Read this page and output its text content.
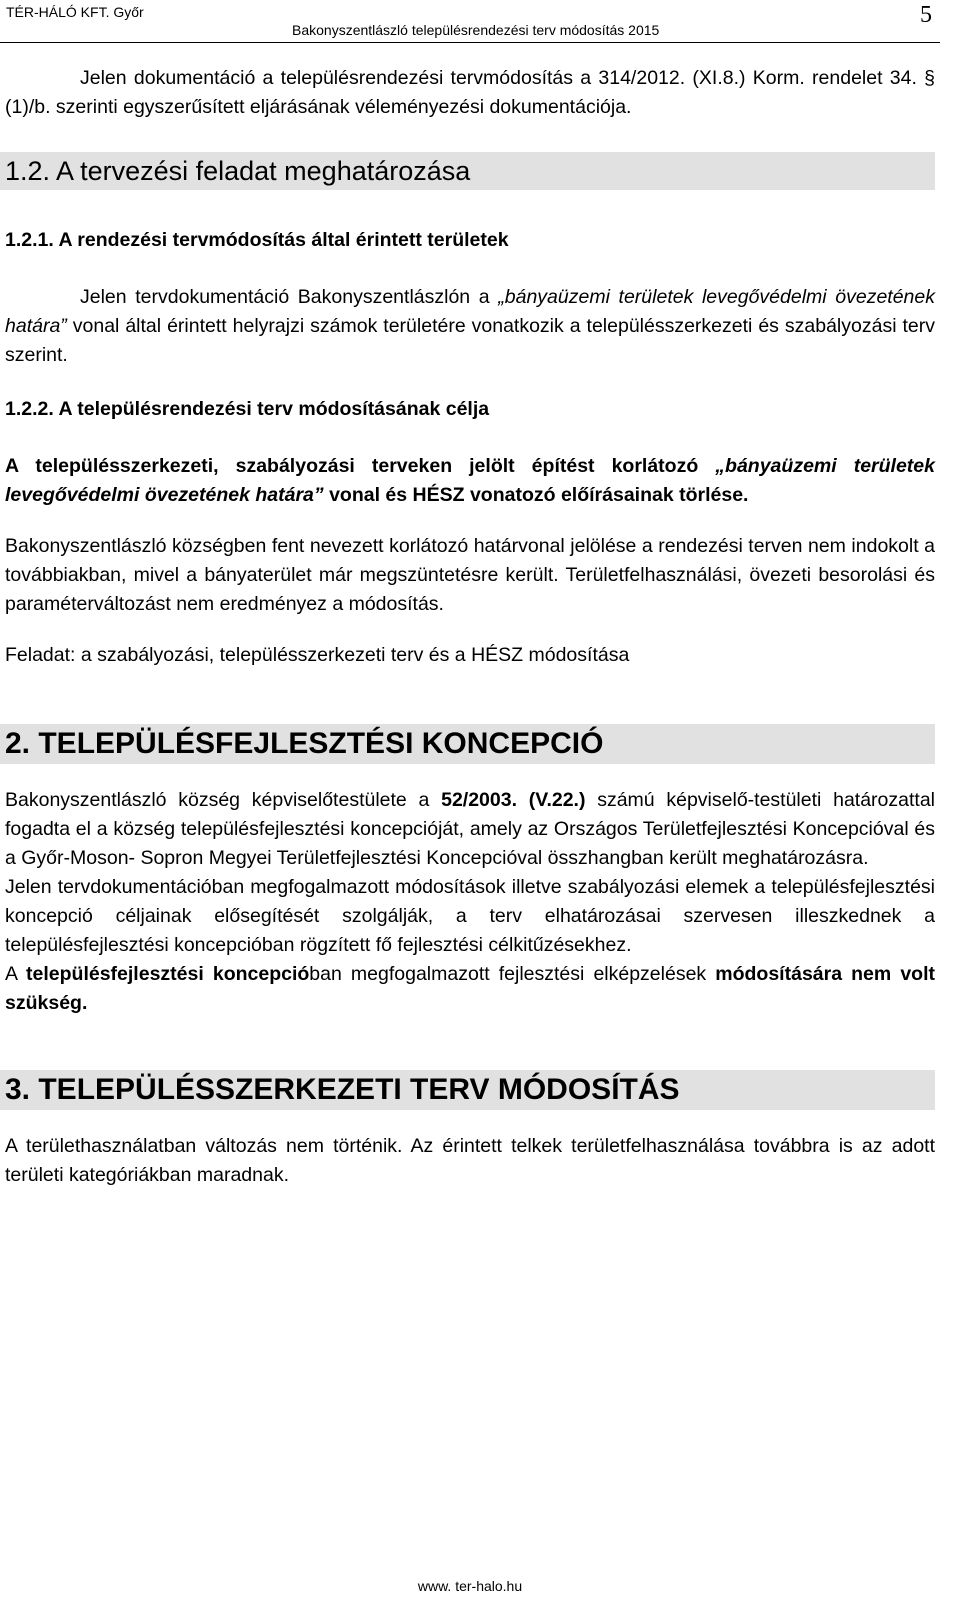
TÉR-HÁLÓ KFT. Győr
Bakonyszentlászló településrendezési terv módosítás 2015
5

Jelen dokumentáció a településrendezési tervmódosítás a 314/2012. (XI.8.) Korm. rendelet 34. § (1)/b. szerinti egyszerűsített eljárásának véleményezési dokumentációja.

1.2. A tervezési feladat meghatározása
1.2.1. A rendezési tervmódosítás által érintett területek

Jelen tervdokumentáció Bakonyszentlászlón a „bányaüzemi területek levegővédelmi övezetének határa” vonal által érintett helyrajzi számok területére vonatkozik a településszerkezeti és szabályozási terv szerint.

1.2.2. A településrendezési terv módosításának célja

A településszerkezeti, szabályozási terveken jelölt építést korlátozó „bányaüzemi területek levegővédelmi övezetének határa” vonal és HÉSZ vonatozó előírásainak törlése.

Bakonyszentlászló községben fent nevezett korlátozó határvonal jelölése a rendezési terven nem indokolt a továbbiakban, mivel a bányaterület már megszüntetésre került. Területfelhasználási, övezeti besorolási és paraméterváltozást nem eredményez a módosítás.

Feladat: a szabályozási, településszerkezeti terv és a HÉSZ módosítása

2. TELEPÜLÉSFEJLESZTÉSI KONCEPCIÓ

Bakonyszentlászló község képviselőtestülete a 52/2003. (V.22.) számú képviselő-testületi határozattal fogadta el a község településfejlesztési koncepcióját, amely az Országos Területfejlesztési Koncepcióval és a Győr-Moson- Sopron Megyei Területfejlesztési Koncepcióval összhangban került meghatározásra.

Jelen tervdokumentációban megfogalmazott módosítások illetve szabályozási elemek a településfejlesztési koncepció céljainak elősegítését szolgálják, a terv elhatározásai szervesen illeszkednek a településfejlesztési koncepcióban rögzített fő fejlesztési célkitűzésekhez.

A településfejlesztési koncepcióban megfogalmazott fejlesztési elképzelések módosítására nem volt szükség.

3. TELEPÜLÉSSZERKEZETI TERV MÓDOSÍTÁS

A területhasználatban változás nem történik. Az érintett telkek területfelhasználása továbbra is az adott területi kategóriákban maradnak.

www. ter-halo.hu
